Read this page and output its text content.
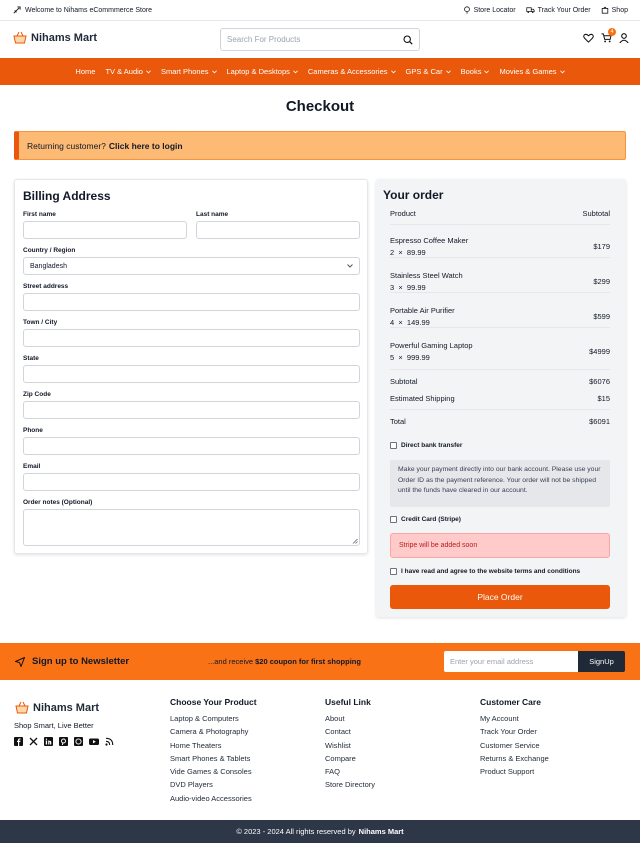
Welcome to Nihams eCommmerce Store	Store Locator	Track Your Order	Shop
Nihams Mart	Search For Products
4
Home TV & Audio Smart Phones Laptop & Desktops Cameras & Accessories GPS & Car Books Movies & Games
Checkout
Returning customer? Click here to login
Billing Address
First name	Last name
Country / Region
Bangladesh
Street address
Town / City
State
Zip Code
Phone
Email
Order notes (Optional)
Your order
Product	Subtotal
Espresso Coffee Maker
2 × 89.99
$179
Stainless Steel Watch
3 × 99.99
$299
Portable Air Purifier
4 × 149.99
$599
Powerful Gaming Laptop
5 × 999.99
$4999
Subtotal	$6076
Estimated Shipping	$15
Total	$6091
Direct bank transfer
Make your payment directly into our bank account. Please use your Order ID as the payment reference. Your order will not be shipped until the funds have cleared in our account.
Credit Card (Stripe)
Stripe will be added soon
I have read and agree to the website terms and conditions
Place Order
Sign up to Newsletter	...and receive $20 coupon for first shopping	Enter your email address	SignUp
Nihams Mart
Shop Smart, Live Better
Choose Your Product
Laptop & Computers
Camera & Photography
Home Theaters
Smart Phones & Tablets
Vide Games & Consoles
DVD Players
Audio-video Accessories
Useful Link
About
Contact
Wishlist
Compare
FAQ
Store Directory
Customer Care
My Account
Track Your Order
Customer Service
Returns & Exchange
Product Support
© 2023 - 2024 All rights reserved by Nihams Mart
